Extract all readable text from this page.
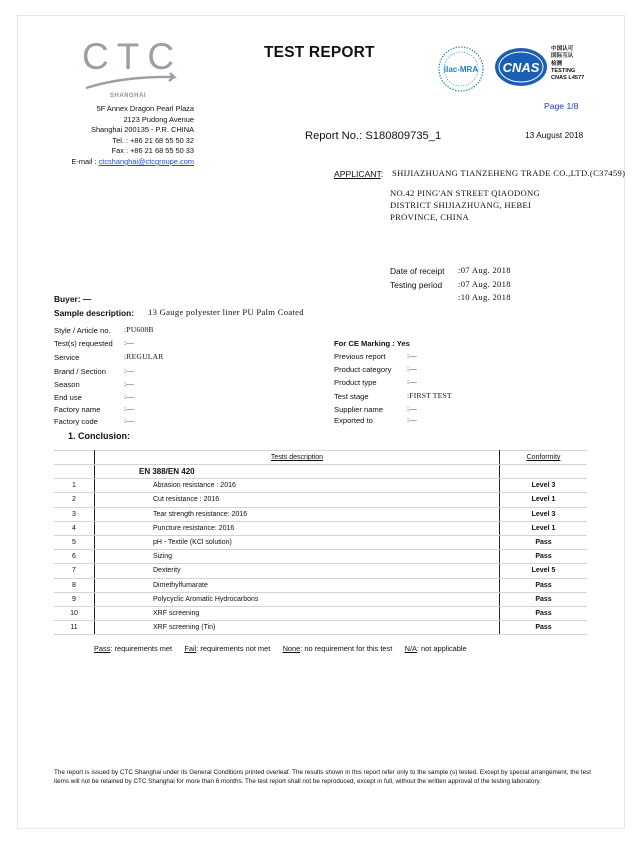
CTC
SHANGHAI
5F Annex Dragon Pearl Plaza
2123 Pudong Avenue
Shanghai 200135 - P.R. CHINA
Tel. : +86 21 68 55 50 32
Fax : +86 21 68 55 50 33
E-mail : ctcshanghai@ctcgroupe.com
TEST REPORT
ilac-MRA CNAS
中国认可
国际互认
检测
TESTING
CNAS L4577
Page 1/8
Report No.: S180809735_1	13 August 2018
APPLICANT: SHIJIAZHUANG TIANZEHENG TRADE CO.,LTD.(C37459)
NO.42 PING'AN STREET QIAODONG
DISTRICT SHIJIAZHUANG, HEBEI
PROVINCE, CHINA
Date of receipt :07 Aug. 2018
Testing period :07 Aug. 2018
:10 Aug. 2018
Buyer: —
Sample description: 13 Gauge polyester liner PU Palm Coated
Style / Article no. :PU608B
Test(s) requested :—
Service	:REGULAR
Brand / Section :—
Season	:—
End use	:—
Factory name	:—
Factory code	:—
For CE Marking : Yes
Previous report	:—
Product category :—
Product type	:—
Test stage	:FIRST TEST
Supplier name	:—
Exported to	:—
1. Conclusion:
	Tests description	Conformity
	EN 388/EN 420	
1	Abrasion resistance : 2016	Level 3
2	Cut resistance : 2016	Level 1
3	Tear strength resistance: 2016	Level 3
4	Puncture resistance: 2016	Level 1
5	pH - Textile (KCl solution)	Pass
6	Sizing	Pass
7	Dexterity	Level 5
8	Dimethylfumarate	Pass
9	Polycyclic Aromatic Hydrocarbons	Pass
10	XRF screening	Pass
11	XRF screening (Tin)	Pass
Pass: requirements met Fail: requirements not met None: no requirement for this test N/A: not applicable
The report is issued by CTC Shanghai under its General Conditions printed overleaf. The results shown in this report refer only to the sample (s) tested. Except by special arrangement, the test items will not be retained by CTC Shanghai for more than 6 months. The test report shall not be reproduced, except in full, without the written approval of the testing laboratory.
